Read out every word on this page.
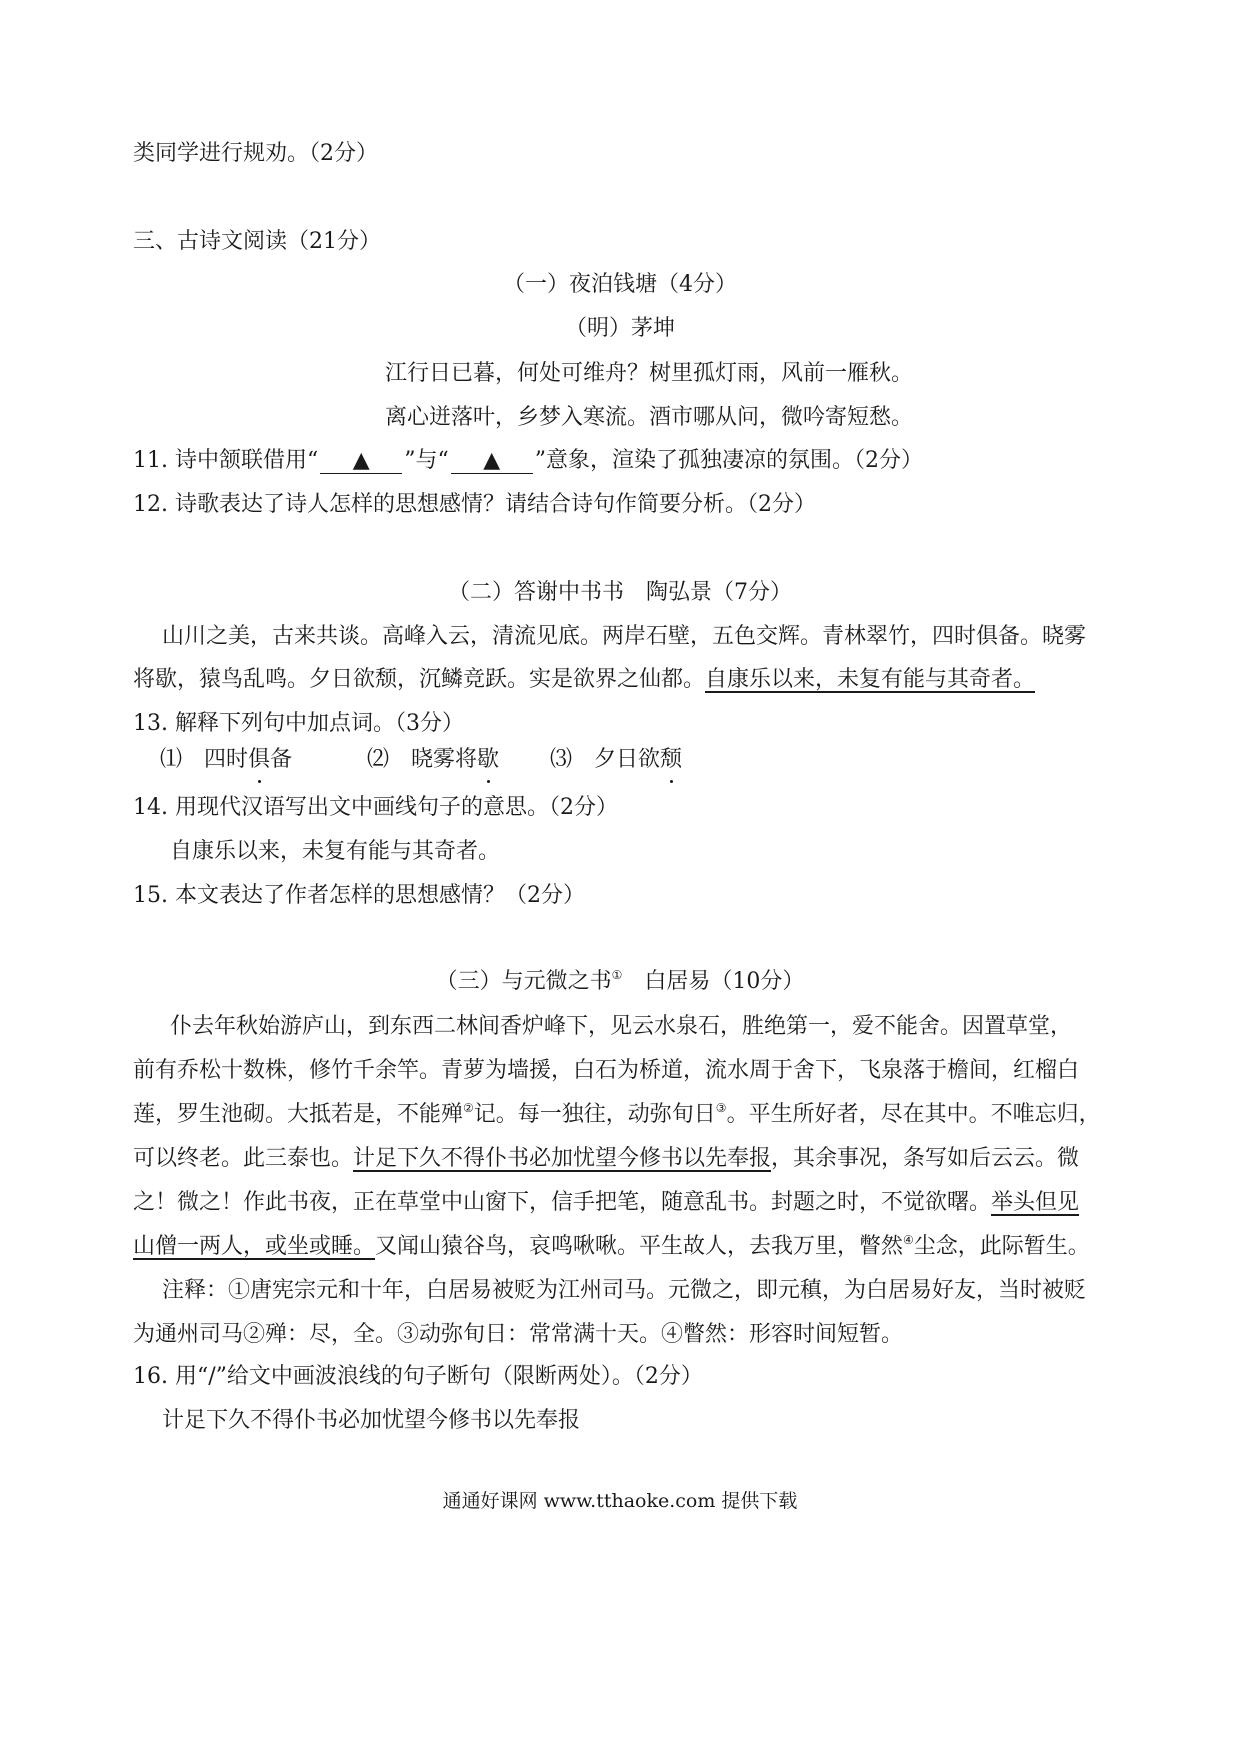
类同学进行规劝。（2分）
三、古诗文阅读（21分）
（一）夜泊钱塘（4分）
（明）茅坤
江行日已暮，何处可维舟？树里孤灯雨，风前一雁秋。
离心迸落叶，乡梦入寒流。酒市哪从问，微吟寄短愁。
11. 诗中颔联借用“ ▲ ”与“ ▲ ”意象，渲染了孤独凄凉的氛围。（2分）
12. 诗歌表达了诗人怎样的思想感情？请结合诗句作简要分析。（2分）
（二）答谢中书书　陶弘景（7分）
山川之美，古来共谈。高峰入云，清流见底。两岸石壁，五色交辉。青林翠竹，四时俱备。晓雾
将歇，猿鸟乱鸣。夕日欲颓，沉鳞竞跃。实是欲界之仙都。自康乐以来，未复有能与其奇者。
13. 解释下列句中加点词。（3分）
⑴　 四时俱备	⑵　 晓雾将歇 ⑶　 夕日欲颓
14. 用现代汉语写出文中画线句子的意思。（2分）
自康乐以来，未复有能与其奇者。
15. 本文表达了作者怎样的思想感情？（2分）
（三）与元微之书①　白居易（10分）
仆去年秋始游庐山，到东西二林间香炉峰下，见云水泉石，胜绝第一，爱不能舍。因置草堂，
前有乔松十数株，修竹千余竿。青萝为墙援，白石为桥道，流水周于舍下，飞泉落于檐间，红榴白
莲，罗生池砌。大抵若是，不能殚②记。每一独往，动弥旬日③。平生所好者，尽在其中。不唯忘归，
可以终老。此三泰也。计足下久不得仆书必加忧望今修书以先奉报，其余事况，条写如后云云。微
之！微之！作此书夜，正在草堂中山窗下，信手把笔，随意乱书。封题之时，不觉欲曙。举头但见
山僧一两人，或坐或睡。又闻山猿谷鸟，哀鸣啾啾。平生故人，去我万里，瞥然④尘念，此际暂生。
注释：①唐宪宗元和十年，白居易被贬为江州司马。元微之，即元稹，为白居易好友，当时被贬
为通州司马②殚：尽，全。③动弥旬日：常常满十天。④瞥然：形容时间短暂。
16. 用“/”给文中画波浪线的句子断句（限断两处）。（2分）
计足下久不得仆书必加忧望今修书以先奉报
通通好课网 www.tthaoke.com 提供下载
